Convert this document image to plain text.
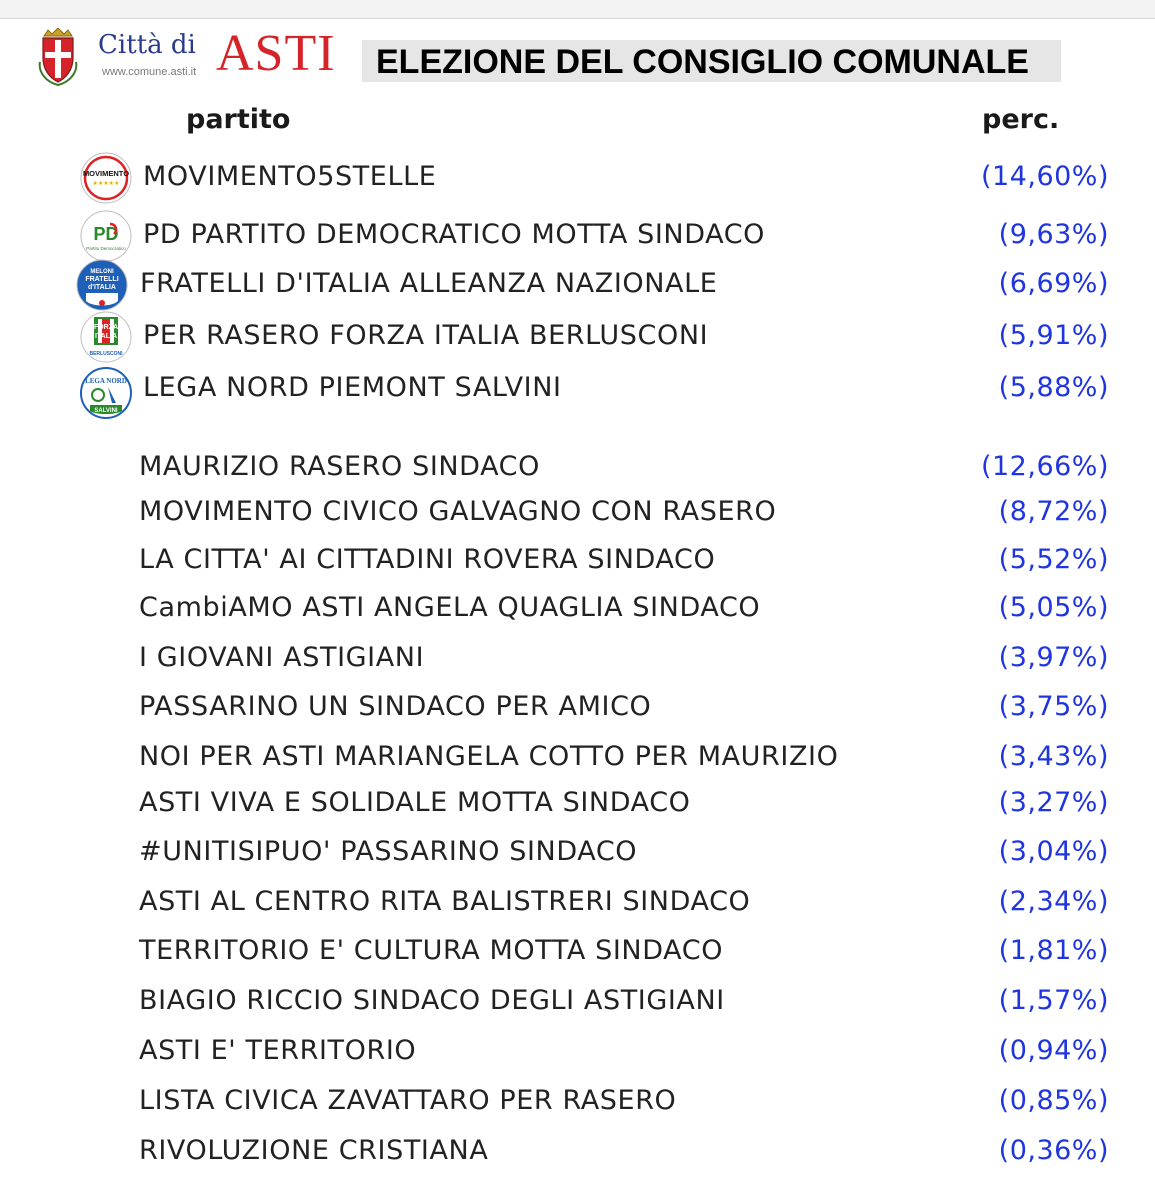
Città di ASTI
www.comune.asti.it	ELEZIONE DEL CONSIGLIO COMUNALE
partito	perc.
MOVIMENTO
★★★★★ MOVIMENTO5STELLE	(14,60%)
PD
Partito Democratico PD PARTITO DEMOCRATICO MOTTA SINDACO	(9,63%)
MELONI
FRATELLI
d'ITALIA FRATELLI D'ITALIA ALLEANZA NAZIONALE	(6,69%)
FORZA
ITALIA
BERLUSCONI
PER RASERO FORZA ITALIA BERLUSCONI	(5,91%)
LEGA NORD
SALVINI
LEGA NORD PIEMONT SALVINI	(5,88%)
MAURIZIO RASERO SINDACO	(12,66%)
MOVIMENTO CIVICO GALVAGNO CON RASERO	(8,72%)
LA CITTA' AI CITTADINI ROVERA SINDACO	(5,52%)
CambiAMO ASTI ANGELA QUAGLIA SINDACO	(5,05%)
I GIOVANI ASTIGIANI	(3,97%)
PASSARINO UN SINDACO PER AMICO	(3,75%)
NOI PER ASTI MARIANGELA COTTO PER MAURIZIO	(3,43%)
ASTI VIVA E SOLIDALE MOTTA SINDACO	(3,27%)
#UNITISIPUO' PASSARINO SINDACO	(3,04%)
ASTI AL CENTRO RITA BALISTRERI SINDACO	(2,34%)
TERRITORIO E' CULTURA MOTTA SINDACO	(1,81%)
BIAGIO RICCIO SINDACO DEGLI ASTIGIANI	(1,57%)
ASTI E' TERRITORIO	(0,94%)
LISTA CIVICA ZAVATTARO PER RASERO	(0,85%)
RIVOLUZIONE CRISTIANA	(0,36%)
